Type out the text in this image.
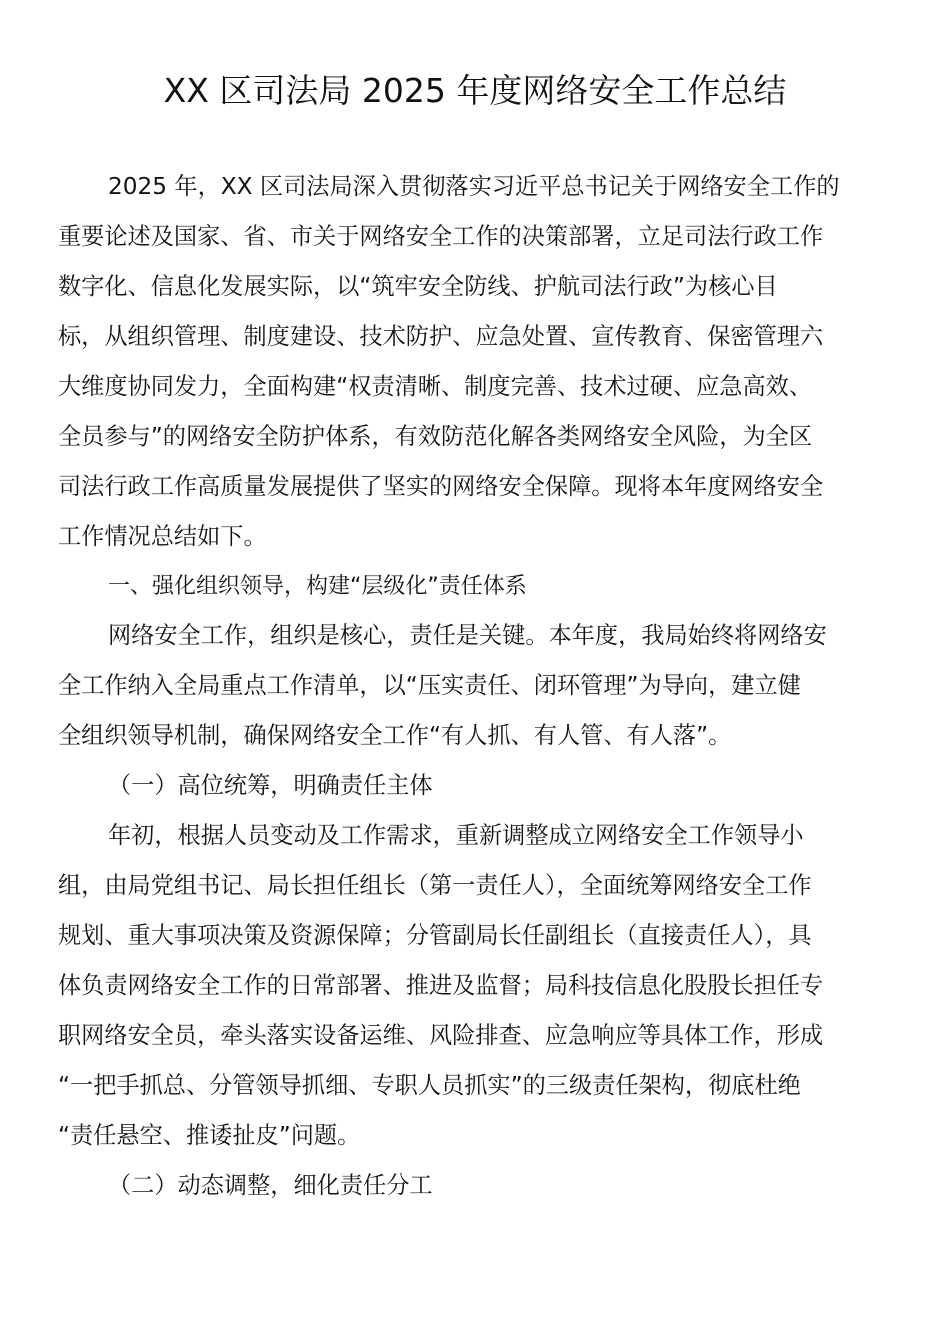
XX 区司法局 2025 年度网络安全工作总结
2025 年，XX 区司法局深入贯彻落实习近平总书记关于网络安全工作的
重要论述及国家、省、市关于网络安全工作的决策部署，立足司法行政工作
数字化、信息化发展实际，以“筑牢安全防线、护航司法行政”为核心目
标，从组织管理、制度建设、技术防护、应急处置、宣传教育、保密管理六
大维度协同发力，全面构建“权责清晰、制度完善、技术过硬、应急高效、
全员参与”的网络安全防护体系，有效防范化解各类网络安全风险，为全区
司法行政工作高质量发展提供了坚实的网络安全保障。现将本年度网络安全
工作情况总结如下。
一、强化组织领导，构建“层级化”责任体系
网络安全工作，组织是核心，责任是关键。本年度，我局始终将网络安
全工作纳入全局重点工作清单，以“压实责任、闭环管理”为导向，建立健
全组织领导机制，确保网络安全工作“有人抓、有人管、有人落”。
（一）高位统筹，明确责任主体
年初，根据人员变动及工作需求，重新调整成立网络安全工作领导小
组，由局党组书记、局长担任组长（第一责任人），全面统筹网络安全工作
规划、重大事项决策及资源保障；分管副局长任副组长（直接责任人），具
体负责网络安全工作的日常部署、推进及监督；局科技信息化股股长担任专
职网络安全员，牵头落实设备运维、风险排查、应急响应等具体工作，形成
“一把手抓总、分管领导抓细、专职人员抓实”的三级责任架构，彻底杜绝
“责任悬空、推诿扯皮”问题。
（二）动态调整，细化责任分工
